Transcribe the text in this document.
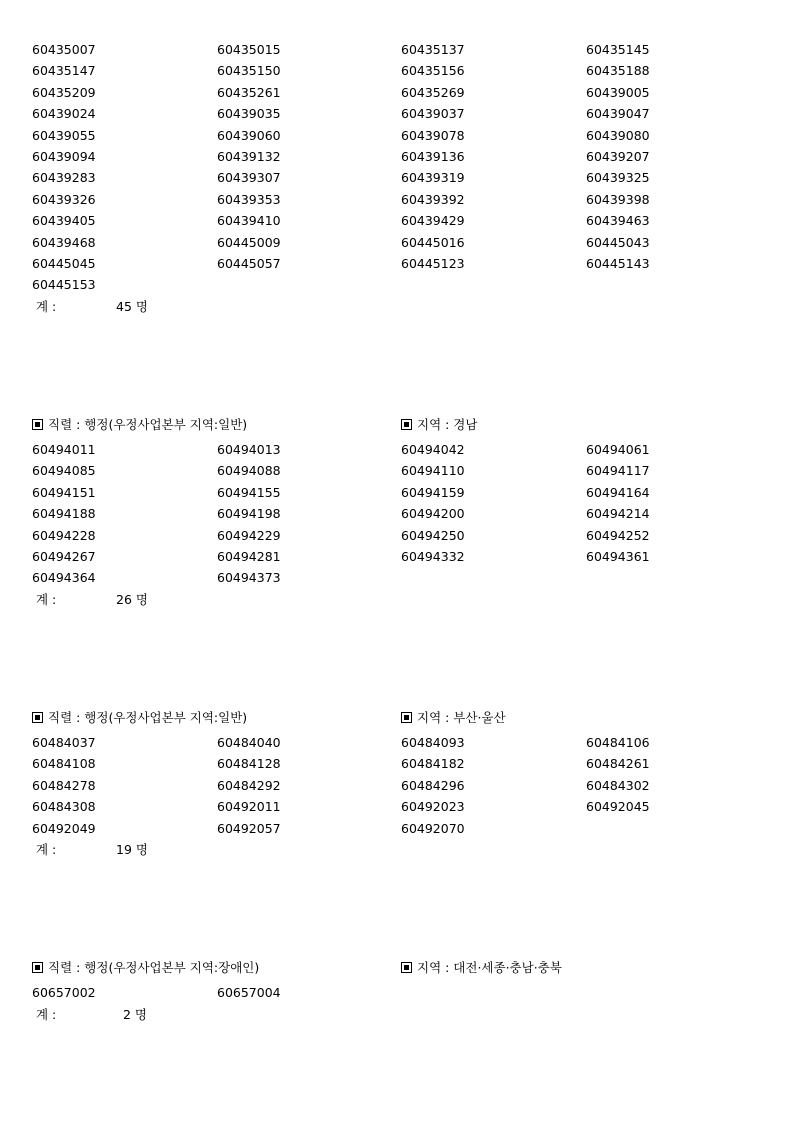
60435007	60435015	60435137	60435145
60435147	60435150	60435156	60435188
60435209	60435261	60435269	60439005
60439024	60439035	60439037	60439047
60439055	60439060	60439078	60439080
60439094	60439132	60439136	60439207
60439283	60439307	60439319	60439325
60439326	60439353	60439392	60439398
60439405	60439410	60439429	60439463
60439468	60445009	60445016	60445043
60445045	60445057	60445123	60445143
60445153
계 :	45 명
직렬 : 행정(우정사업본부 지역:일반)	지역 : 경남
60494011	60494013	60494042	60494061
60494085	60494088	60494110	60494117
60494151	60494155	60494159	60494164
60494188	60494198	60494200	60494214
60494228	60494229	60494250	60494252
60494267	60494281	60494332	60494361
60494364	60494373
계 :	26 명
직렬 : 행정(우정사업본부 지역:일반)	지역 : 부산·울산
60484037	60484040	60484093	60484106
60484108	60484128	60484182	60484261
60484278	60484292	60484296	60484302
60484308	60492011	60492023	60492045
60492049	60492057	60492070
계 :	19 명
직렬 : 행정(우정사업본부 지역:장애인)	지역 : 대전·세종·충남·충북
60657002	60657004
계 :	2 명
